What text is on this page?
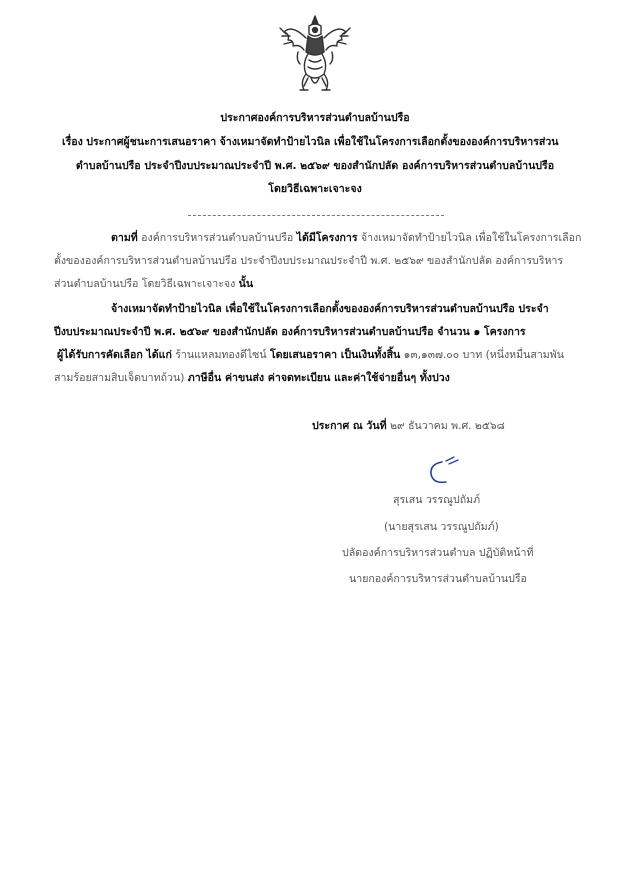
ประกาศองค์การบริหารส่วนตำบลบ้านปรือ
เรื่อง ประกาศผู้ชนะการเสนอราคา จ้างเหมาจัดทำป้ายไวนิล เพื่อใช้ในโครงการเลือกตั้งขององค์การบริหารส่วน
ตำบลบ้านปรือ ประจำปีงบประมาณประจำปี พ.ศ. ๒๕๖๙ ของสำนักปลัด องค์การบริหารส่วนตำบลบ้านปรือ
โดยวิธีเฉพาะเจาะจง
ตามที่ องค์การบริหารส่วนตำบลบ้านปรือ ได้มีโครงการ จ้างเหมาจัดทำป้ายไวนิล เพื่อใช้ในโครงการเลือก
ตั้งขององค์การบริหารส่วนตำบลบ้านปรือ ประจำปีงบประมาณประจำปี พ.ศ. ๒๕๖๙ ของสำนักปลัด องค์การบริหาร
ส่วนตำบลบ้านปรือ โดยวิธีเฉพาะเจาะจง นั้น
จ้างเหมาจัดทำป้ายไวนิล เพื่อใช้ในโครงการเลือกตั้งขององค์การบริหารส่วนตำบลบ้านปรือ ประจำ
ปีงบประมาณประจำปี พ.ศ. ๒๕๖๙ ของสำนักปลัด องค์การบริหารส่วนตำบลบ้านปรือ จำนวน ๑ โครงการ
ผู้ได้รับการคัดเลือก ได้แก่ ร้านแหลมทองดีไซน์ โดยเสนอราคา เป็นเงินทั้งสิ้น ๑๓,๑๓๗.๐๐ บาท (หนึ่งหมื่นสามพัน
สามร้อยสามสิบเจ็ดบาทถ้วน) ภาษีอื่น ค่าขนส่ง ค่าจดทะเบียน และค่าใช้จ่ายอื่นๆ ทั้งปวง
ประกาศ ณ วันที่ ๒๙ ธันวาคม พ.ศ. ๒๕๖๘
สุรเสน วรรณูปถัมภ์
(นายสุรเสน วรรณูปถัมภ์)
ปลัดองค์การบริหารส่วนตำบล ปฏิบัติหน้าที่
นายกองค์การบริหารส่วนตำบลบ้านปรือ
